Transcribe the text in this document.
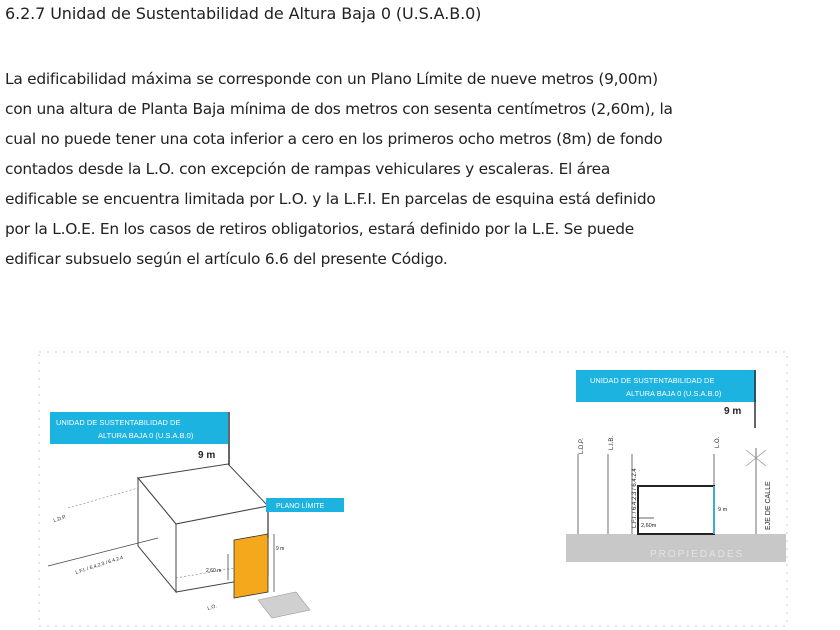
6.2.7 Unidad de Sustentabilidad de Altura Baja 0 (U.S.A.B.0)
La edificabilidad máxima se corresponde con un Plano Límite de nueve metros (9,00m)
con una altura de Planta Baja mínima de dos metros con sesenta centímetros (2,60m), la
cual no puede tener una cota inferior a cero en los primeros ocho metros (8m) de fondo
contados desde la L.O. con excepción de rampas vehiculares y escaleras. El área
edificable se encuentra limitada por L.O. y la L.F.I. En parcelas de esquina está definido
por la L.O.E. En los casos de retiros obligatorios, estará definido por la L.E. Se puede
edificar subsuelo según el artículo 6.6 del presente Código.
UNIDAD DE SUSTENTABILIDAD DE
ALTURA BAJA 0 (U.S.A.B.0)
9 m
PLANO LÍMITE
9 m
2,60 m
L.D.P.
L.F.I. / 6.4.2.3 / 6.4.2.4
L.O.
UNIDAD DE SUSTENTABILIDAD DE
ALTURA BAJA 0 (U.S.A.B.0)
9 m
PROPIEDADES
L.D.P.	L.I.B.
L.F.I. / 6.4.2.3 / 6.4.2.4
L.O.
EJE DE CALLE
9 m
2,60m
